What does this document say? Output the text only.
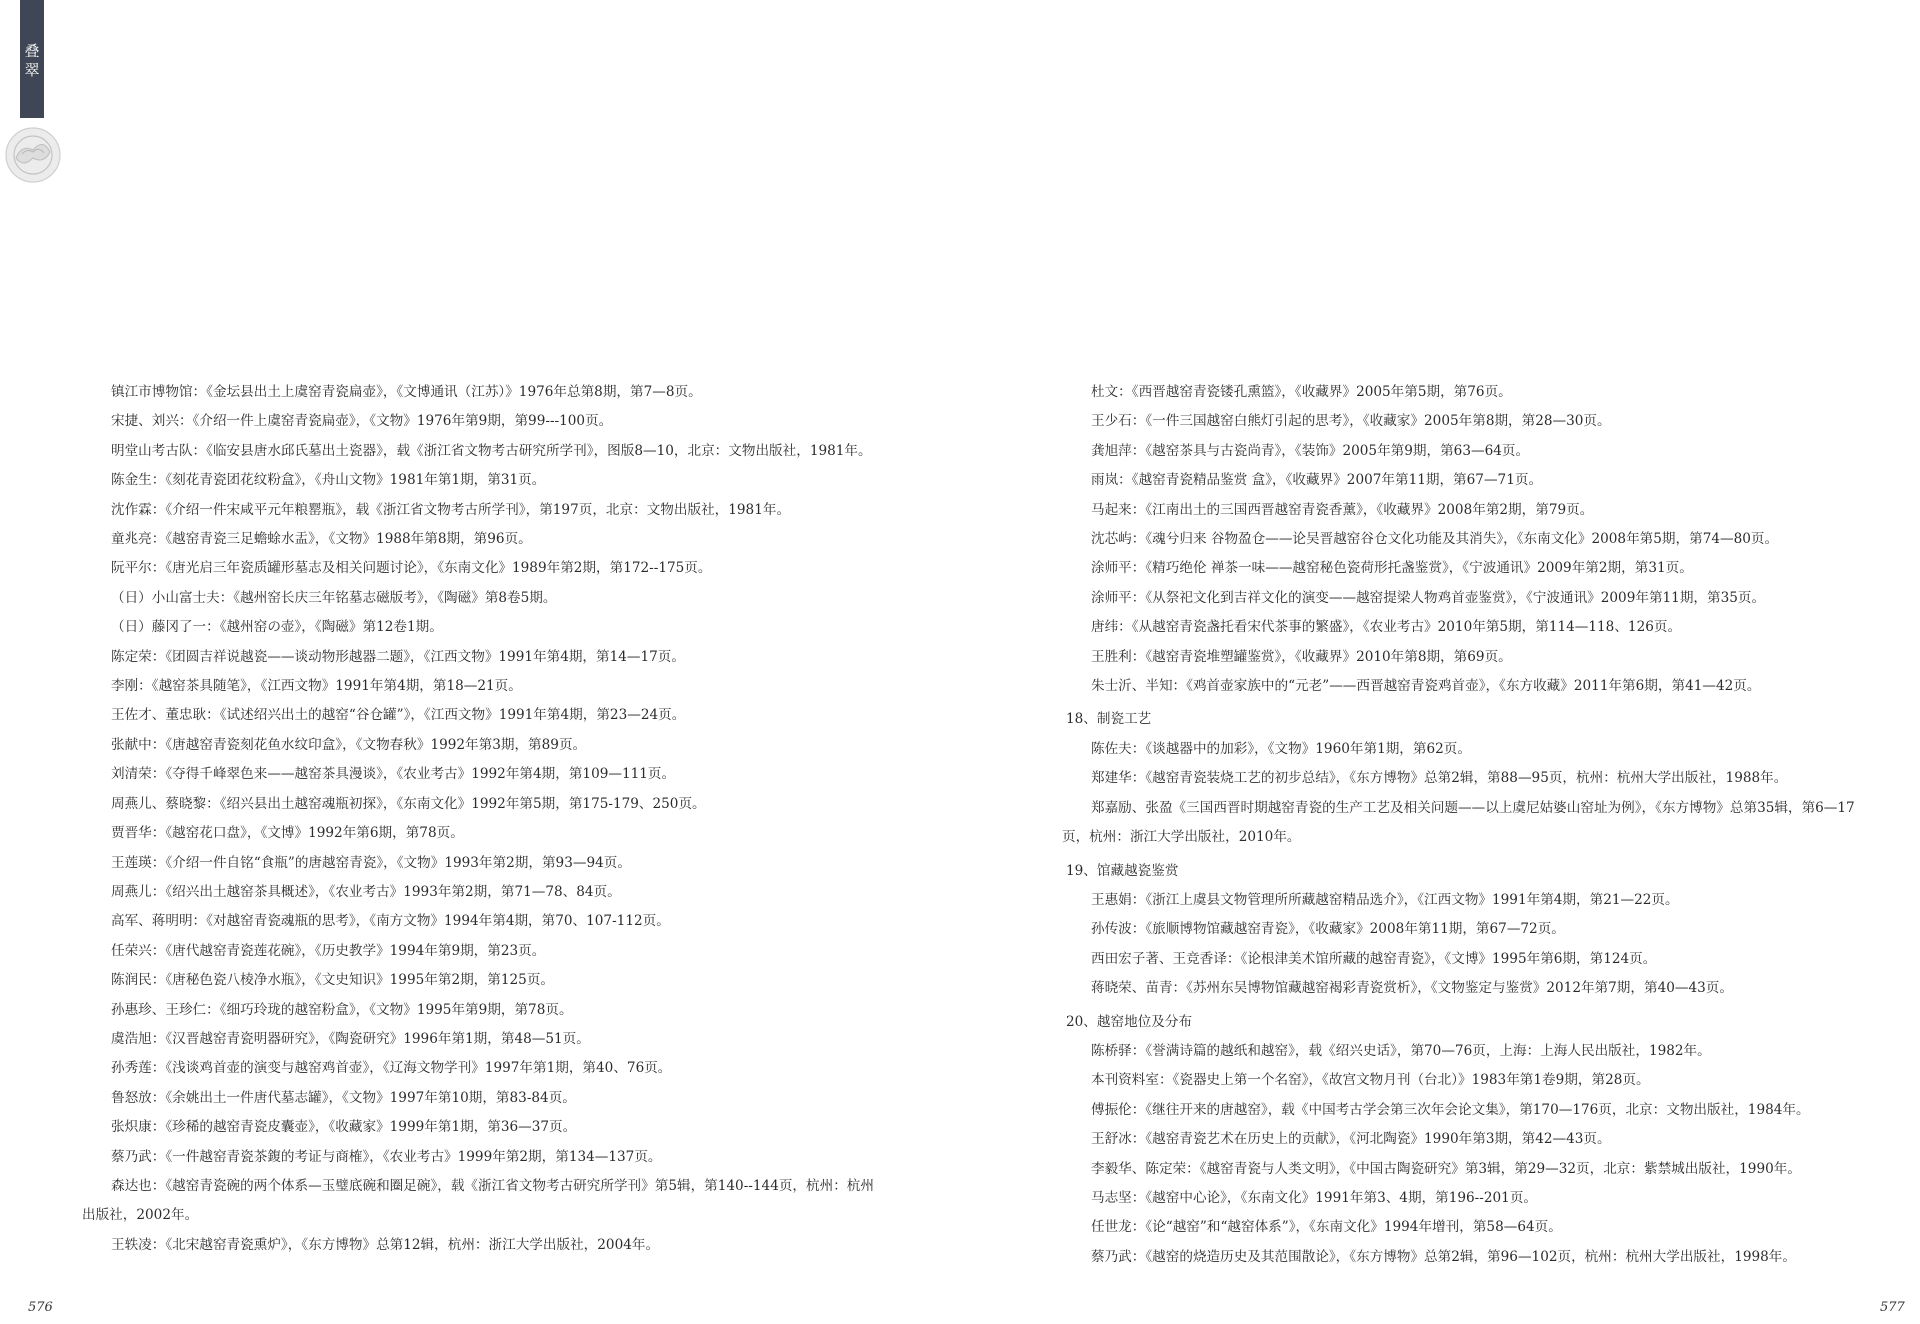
叠
翠

镇江市博物馆：《金坛县出土上虞窑青瓷扁壶》，《文博通讯（江苏）》1976年总第8期，第7—8页。

宋捷、刘兴：《介绍一件上虞窑青瓷扁壶》，《文物》1976年第9期，第99---100页。

明堂山考古队：《临安县唐水邱氏墓出土瓷器》，载《浙江省文物考古研究所学刊》，图版8—10，北京：文物出版社，1981年。

陈金生：《刻花青瓷团花纹粉盒》，《舟山文物》1981年第1期，第31页。

沈作霖：《介绍一件宋咸平元年粮罂瓶》，载《浙江省文物考古所学刊》，第197页，北京：文物出版社，1981年。

童兆亮：《越窑青瓷三足蟾蜍水盂》，《文物》1988年第8期，第96页。

阮平尔：《唐光启三年瓷质罐形墓志及相关问题讨论》，《东南文化》1989年第2期，第172--175页。

（日）小山富士夫：《越州窑长庆三年铭墓志磁版考》，《陶磁》第8卷5期。

（日）藤冈了一：《越州窑の壶》，《陶磁》第12卷1期。

陈定荣：《团圆吉祥说越瓷——谈动物形越器二题》，《江西文物》1991年第4期，第14—17页。

李刚：《越窑茶具随笔》，《江西文物》1991年第4期，第18—21页。

王佐才、董忠耿：《试述绍兴出土的越窑“谷仓罐”》，《江西文物》1991年第4期，第23—24页。

张献中：《唐越窑青瓷刻花鱼水纹印盒》，《文物春秋》1992年第3期，第89页。

刘清荣：《夺得千峰翠色来——越窑茶具漫谈》，《农业考古》1992年第4期，第109—111页。

周燕儿、蔡晓黎：《绍兴县出土越窑魂瓶初探》，《东南文化》1992年第5期，第175-179、250页。

贾晋华：《越窑花口盘》，《文博》1992年第6期，第78页。

王莲瑛：《介绍一件自铭“食瓶”的唐越窑青瓷》，《文物》1993年第2期，第93—94页。

周燕儿：《绍兴出土越窑茶具概述》，《农业考古》1993年第2期，第71—78、84页。

高军、蒋明明：《对越窑青瓷魂瓶的思考》，《南方文物》1994年第4期，第70、107-112页。

任荣兴：《唐代越窑青瓷莲花碗》，《历史教学》1994年第9期，第23页。

陈润民：《唐秘色瓷八棱净水瓶》，《文史知识》1995年第2期，第125页。

孙惠珍、王珍仁：《细巧玲珑的越窑粉盒》，《文物》1995年第9期，第78页。

虞浩旭：《汉晋越窑青瓷明器研究》，《陶瓷研究》1996年第1期，第48—51页。

孙秀莲：《浅谈鸡首壶的演变与越窑鸡首壶》，《辽海文物学刊》1997年第1期，第40、76页。

鲁怒放：《余姚出土一件唐代墓志罐》，《文物》1997年第10期，第83-84页。

张炽康：《珍稀的越窑青瓷皮囊壶》，《收藏家》1999年第1期，第36—37页。

蔡乃武：《一件越窑青瓷茶鍑的考证与商榷》，《农业考古》1999年第2期，第134—137页。

森达也：《越窑青瓷碗的两个体系—玉璧底碗和圈足碗》，载《浙江省文物考古研究所学刊》第5辑，第140--144页，杭州：杭州出版社，2002年。

王轶凌：《北宋越窑青瓷熏炉》，《东方博物》总第12辑，杭州：浙江大学出版社，2004年。

杜文：《西晋越窑青瓷镂孔熏篮》，《收藏界》2005年第5期，第76页。

王少石：《一件三国越窑白熊灯引起的思考》，《收藏家》2005年第8期，第28—30页。

龚旭萍：《越窑茶具与古瓷尚青》，《装饰》2005年第9期，第63—64页。

雨岚：《越窑青瓷精品鉴赏 盒》，《收藏界》2007年第11期，第67—71页。

马起来：《江南出土的三国西晋越窑青瓷香薰》，《收藏界》2008年第2期，第79页。

沈芯屿：《魂兮归来 谷物盈仓——论吴晋越窑谷仓文化功能及其消失》，《东南文化》2008年第5期，第74—80页。

涂师平：《精巧绝伦 禅茶一味——越窑秘色瓷荷形托盏鉴赏》，《宁波通讯》2009年第2期，第31页。

涂师平：《从祭祀文化到吉祥文化的演变——越窑提梁人物鸡首壶鉴赏》，《宁波通讯》2009年第11期，第35页。

唐纬：《从越窑青瓷盏托看宋代茶事的繁盛》，《农业考古》2010年第5期，第114—118、126页。

王胜利：《越窑青瓷堆塑罐鉴赏》，《收藏界》2010年第8期，第69页。

朱士沂、半知：《鸡首壶家族中的“元老”——西晋越窑青瓷鸡首壶》，《东方收藏》2011年第6期，第41—42页。

18、制瓷工艺

陈佐夫：《谈越器中的加彩》，《文物》1960年第1期，第62页。

郑建华：《越窑青瓷装烧工艺的初步总结》，《东方博物》总第2辑，第88—95页，杭州：杭州大学出版社，1988年。

郑嘉励、张盈《三国西晋时期越窑青瓷的生产工艺及相关问题——以上虞尼姑婆山窑址为例》，《东方博物》总第35辑，第6—17页，杭州：浙江大学出版社，2010年。

19、馆藏越瓷鉴赏

王惠娟：《浙江上虞县文物管理所所藏越窑精品选介》，《江西文物》1991年第4期，第21—22页。

孙传波：《旅顺博物馆藏越窑青瓷》，《收藏家》2008年第11期，第67—72页。

西田宏子著、王竞香译：《论根津美术馆所藏的越窑青瓷》，《文博》1995年第6期，第124页。

蒋晓荣、苗青：《苏州东吴博物馆藏越窑褐彩青瓷赏析》，《文物鉴定与鉴赏》2012年第7期，第40—43页。

20、越窑地位及分布

陈桥驿：《誉满诗篇的越纸和越窑》，载《绍兴史话》，第70—76页，上海：上海人民出版社，1982年。

本刊资料室：《瓷器史上第一个名窑》，《故宫文物月刊（台北）》1983年第1卷9期，第28页。

傅振伦：《继往开来的唐越窑》，载《中国考古学会第三次年会论文集》，第170—176页，北京：文物出版社，1984年。

王舒冰：《越窑青瓷艺术在历史上的贡献》，《河北陶瓷》1990年第3期，第42—43页。

李毅华、陈定荣：《越窑青瓷与人类文明》，《中国古陶瓷研究》第3辑，第29—32页，北京：紫禁城出版社，1990年。

马志坚：《越窑中心论》，《东南文化》1991年第3、4期，第196--201页。

任世龙：《论“越窑”和“越窑体系”》，《东南文化》1994年增刊，第58—64页。

蔡乃武：《越窑的烧造历史及其范围散论》，《东方博物》总第2辑，第96—102页，杭州：杭州大学出版社，1998年。

576	577
